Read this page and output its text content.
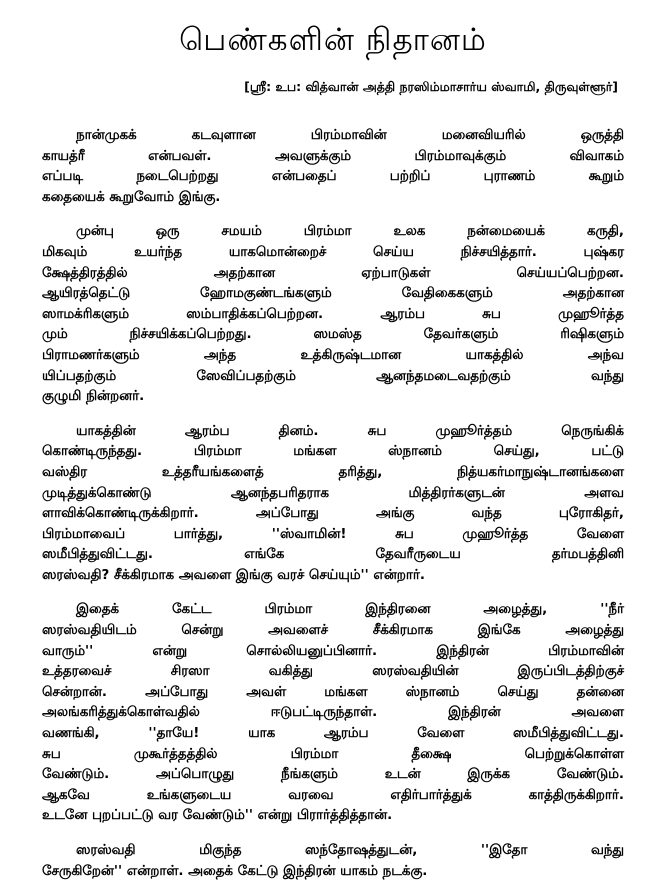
பெண்களின் நிதானம்
[ஸ்ரீ: உப: வித்வான் அத்தி நரஸிம்மாசார்ய ஸ்வாமி, திருவுள்ளூர்]
நான்முகக் கடவுளான பிரம்மாவின் மனைவியரில் ஒருத்தி
காயத்ரீ என்பவள். அவளுக்கும் பிரம்மாவுக்கும் விவாகம்
எப்படி நடைபெற்றது என்பதைப் பற்றிப் புராணம் கூறும்
கதையைக் கூறுவோம் இங்கு.
முன்பு ஒரு சமயம் பிரம்மா உலக நன்மையைக் கருதி,
மிகவும் உயர்ந்த யாகமொன்றைச் செய்ய நிச்சயித்தார். புஷ்கர
க்ஷேத்திரத்தில் அதற்கான ஏற்பாடுகள் செய்யப்பெற்றன.
ஆயிரத்தெட்டு ஹோமகுண்டங்களும் வேதிகைகளும் அதற்கான
ஸாமக்ரிகளும் ஸம்பாதிக்கப்பெற்றன. ஆரம்ப சுப முஹூர்த்த
மும் நிச்சயிக்கப்பெற்றது. ஸமஸ்த தேவர்களும் ரிஷிகளும்
பிராமணர்களும் அந்த உத்கிருஷ்டமான யாகத்தில் அந்வ
யிப்பதற்கும் ஸேவிப்பதற்கும் ஆனந்தமடைவதற்கும் வந்து
குழுமி நின்றனர்.
யாகத்தின் ஆரம்ப தினம். சுப முஹூர்த்தம் நெருங்கிக்
கொண்டிருந்தது. பிரம்மா மங்கள ஸ்நானம் செய்து, பட்டு
வஸ்திர உத்தரீயங்களைத் தரித்து, நித்யகர்மாநுஷ்டானங்களை
முடித்துக்கொண்டு ஆனந்தபரிதராக மித்திரர்களுடன் அளவ
ளாவிக்கொண்டிருக்கிறார். அப்போது அங்கு வந்த புரோகிதர்,
பிரம்மாவைப் பார்த்து, ''ஸ்வாமின்! சுப முஹூர்த்த வேளை
ஸமீபித்துவிட்டது. எங்கே தேவரீருடைய தர்மபத்தினி
ஸரஸ்வதி? சீக்கிரமாக அவளை இங்கு வரச் செய்யும்'' என்றார்.
இதைக் கேட்ட பிரம்மா இந்திரனை அழைத்து, ''நீர்
ஸரஸ்வதியிடம் சென்று அவளைச் சீக்கிரமாக இங்கே அழைத்து
வாரும்'' என்று சொல்லியனுப்பினார். இந்திரன் பிரம்மாவின்
உத்தரவைச் சிரஸா வகித்து ஸரஸ்வதியின் இருப்பிடத்திற்குச்
சென்றான். அப்போது அவள் மங்கள ஸ்நானம் செய்து தன்னை
அலங்கரித்துக்கொள்வதில் ஈடுபட்டிருந்தாள். இந்திரன் அவளை
வணங்கி, ''தாயே! யாக ஆரம்ப வேளை ஸமீபித்துவிட்டது.
சுப முகூர்த்தத்தில் பிரம்மா தீக்ஷை பெற்றுக்கொள்ள
வேண்டும். அப்பொழுது நீங்களும் உடன் இருக்க வேண்டும்.
ஆகவே உங்களுடைய வரவை எதிர்பார்த்துக் காத்திருக்கிறார்.
உடனே புறப்பட்டு வர வேண்டும்'' என்று பிரார்த்தித்தான்.
ஸரஸ்வதி மிகுந்த ஸந்தோஷத்துடன், ''இதோ வந்து
சேருகிறேன்'' என்றாள். அதைக் கேட்டு இந்திரன் யாகம் நடக்கு.
